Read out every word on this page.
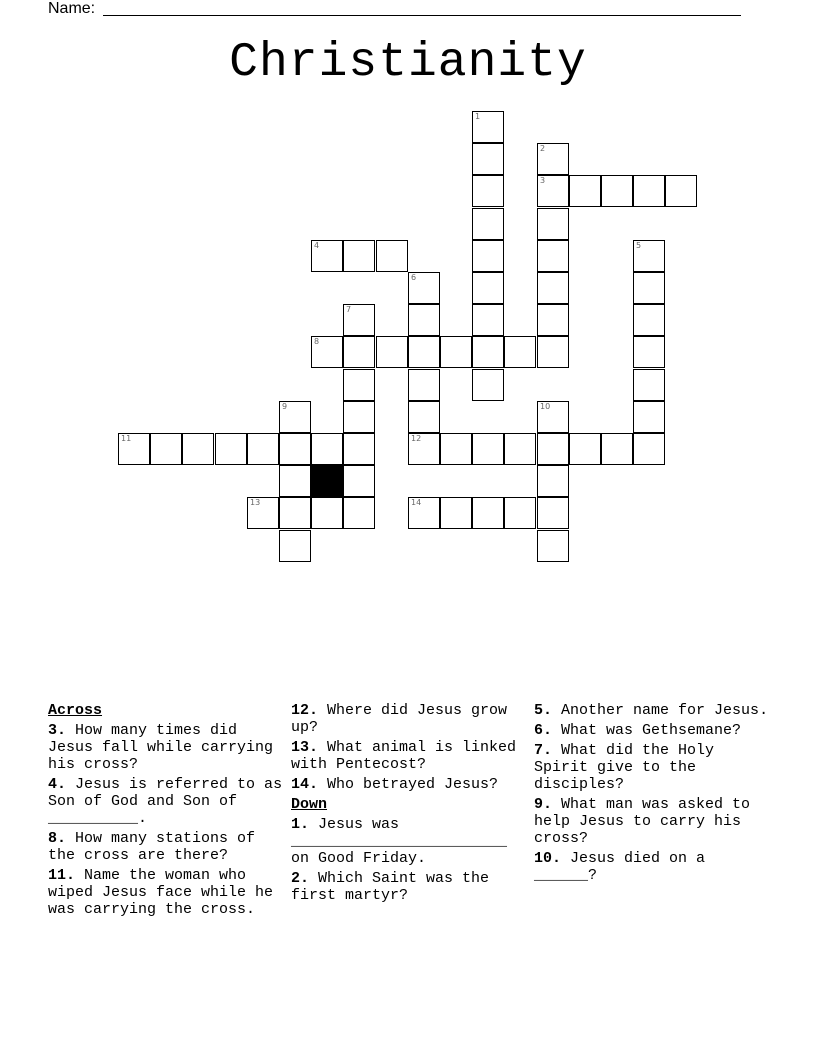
Name:
Christianity
1
2
3
4	5
6
7
8
9	10
11	12
13	14
Across
3. How many times did Jesus fall while carrying his cross?
4. Jesus is referred to as Son of God and Son of __________.
8. How many stations of the cross are there?
11. Name the woman who wiped Jesus face while he was carrying the cross.
12. Where did Jesus grow up?
13. What animal is linked with Pentecost?
14. Who betrayed Jesus?
Down
1. Jesus was ________________________ on Good Friday.
2. Which Saint was the first martyr?
5. Another name for Jesus.
6. What was Gethsemane?
7. What did the Holy Spirit give to the disciples?
9. What man was asked to help Jesus to carry his cross?
10. Jesus died on a ______?
